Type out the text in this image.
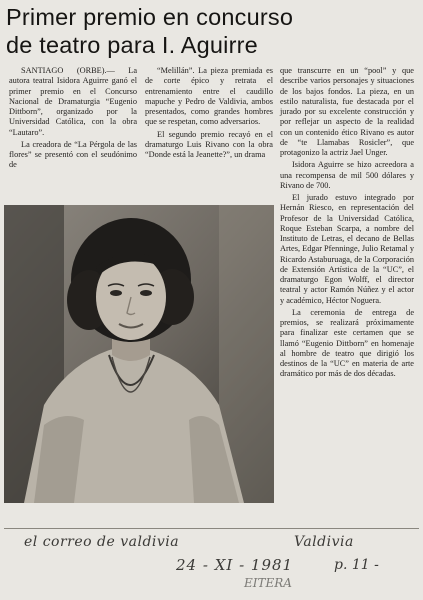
Primer premio en concurso
de teatro para I. Aguirre

SANTIAGO (ORBE).— La autora teatral Isidora Aguirre ganó el primer premio en el Concurso Nacional de Dramaturgia “Eugenio Dittborn”, organizado por la Universidad Católica, con la obra “Lautaro”.

La creadora de “La Pérgola de las flores” se presentó con el seudónimo de

“Melillán”. La pieza premiada es de corte épico y retrata el entrenamiento entre el caudillo mapuche y Pedro de Valdivia, ambos presentados, como grandes hombres que se respetan, como adversarios.

El segundo premio recayó en el dramaturgo Luis Rivano con la obra “Donde está la Jeanette?”, un drama

que transcurre en un “pool” y que describe varios personajes y situaciones de los bajos fondos. La pieza, en un estilo naturalista, fue destacada por el jurado por su excelente construcción y por reflejar un aspecto de la realidad con un contenido ético Rivano es autor de “te Llamabas Rosicler”, que protagonizo la actriz Jael Unger.

Isidora Aguirre se hizo acreedora a una recompensa de mil 500 dólares y Rivano de 700.

El jurado estuvo integrado por Hernán Riesco, en representación del Profesor de la Universidad Católica, Roque Esteban Scarpa, a nombre del Instituto de Letras, el decano de Bellas Artes, Edgar Pfenninge, Julio Retamal y Ricardo Astaburuaga, de la Corporación de Extensión Artística de la “UC”, el dramaturgo Egon Wolff, el director teatral y actor Ramón Núñez y el actor y académico, Héctor Noguera.

La ceremonia de entrega de premios, se realizará próximamente para finalizar este certamen que se llamó “Eugenio Dittborn” en homenaje al hombre de teatro que dirigió los destinos de la “UC” en materia de arte dramático por más de dos décadas.

el correo de valdivia	Valdivia
24 - XI - 1981	p. 11 -
EITERA
